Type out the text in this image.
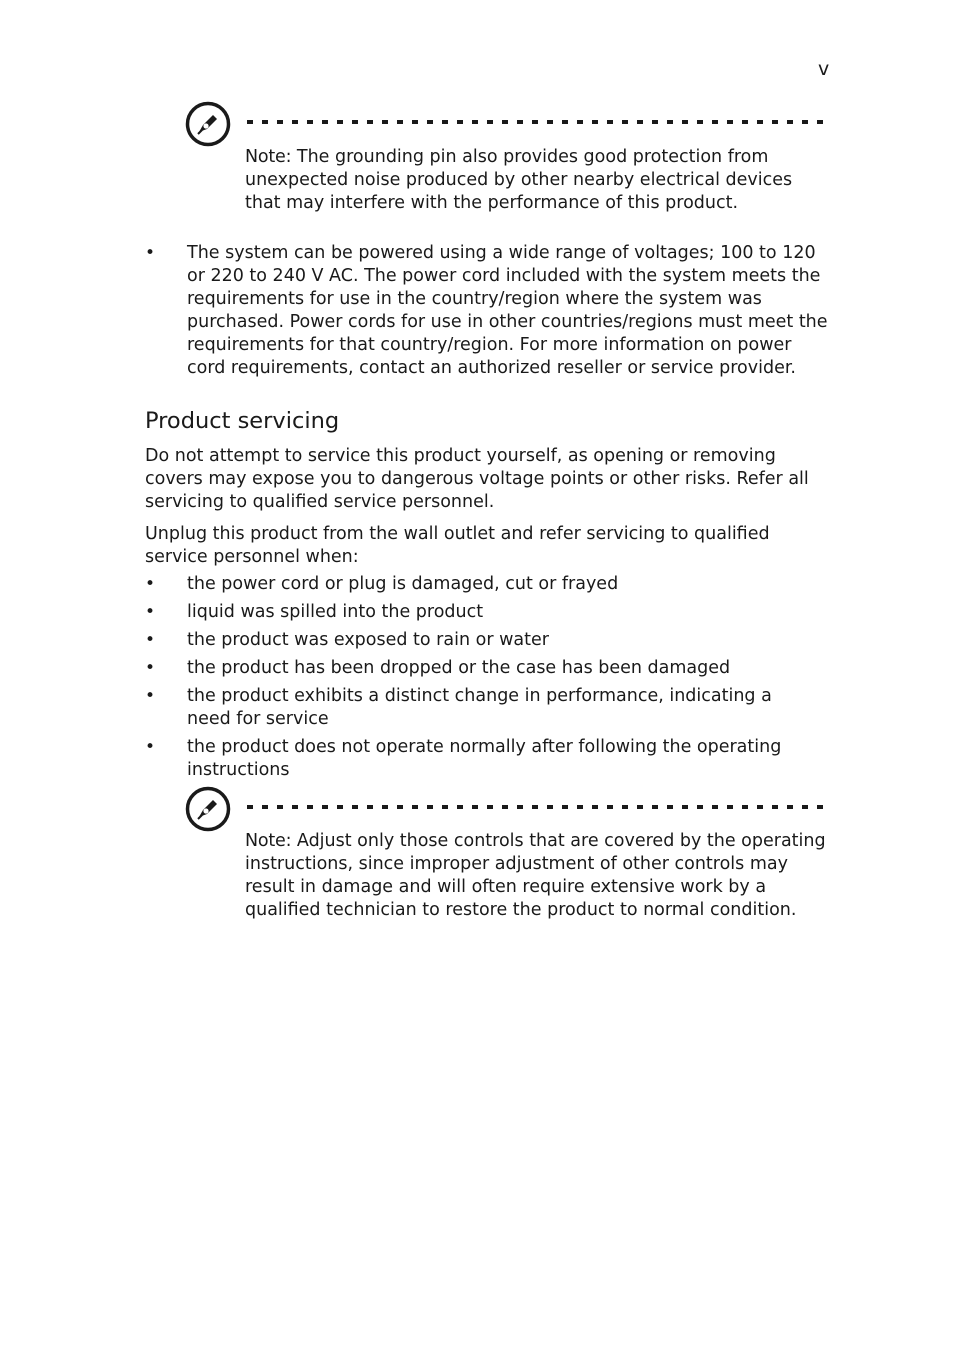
v
Note: The grounding pin also provides good protection from unexpected noise produced by other nearby electrical devices that may interfere with the performance of this product.
• The system can be powered using a wide range of voltages; 100 to 120 or 220 to 240 V AC. The power cord included with the system meets the requirements for use in the country/region where the system was purchased. Power cords for use in other countries/regions must meet the requirements for that country/region. For more information on power cord requirements, contact an authorized reseller or service provider.
Product servicing

Do not attempt to service this product yourself, as opening or removing covers may expose you to dangerous voltage points or other risks. Refer all servicing to qualified service personnel.

Unplug this product from the wall outlet and refer servicing to qualified service personnel when:

• the power cord or plug is damaged, cut or frayed
• liquid was spilled into the product
• the product was exposed to rain or water
• the product has been dropped or the case has been damaged
• the product exhibits a distinct change in performance, indicating a need for service
• the product does not operate normally after following the operating instructions
Note: Adjust only those controls that are covered by the operating instructions, since improper adjustment of other controls may result in damage and will often require extensive work by a qualified technician to restore the product to normal condition.
